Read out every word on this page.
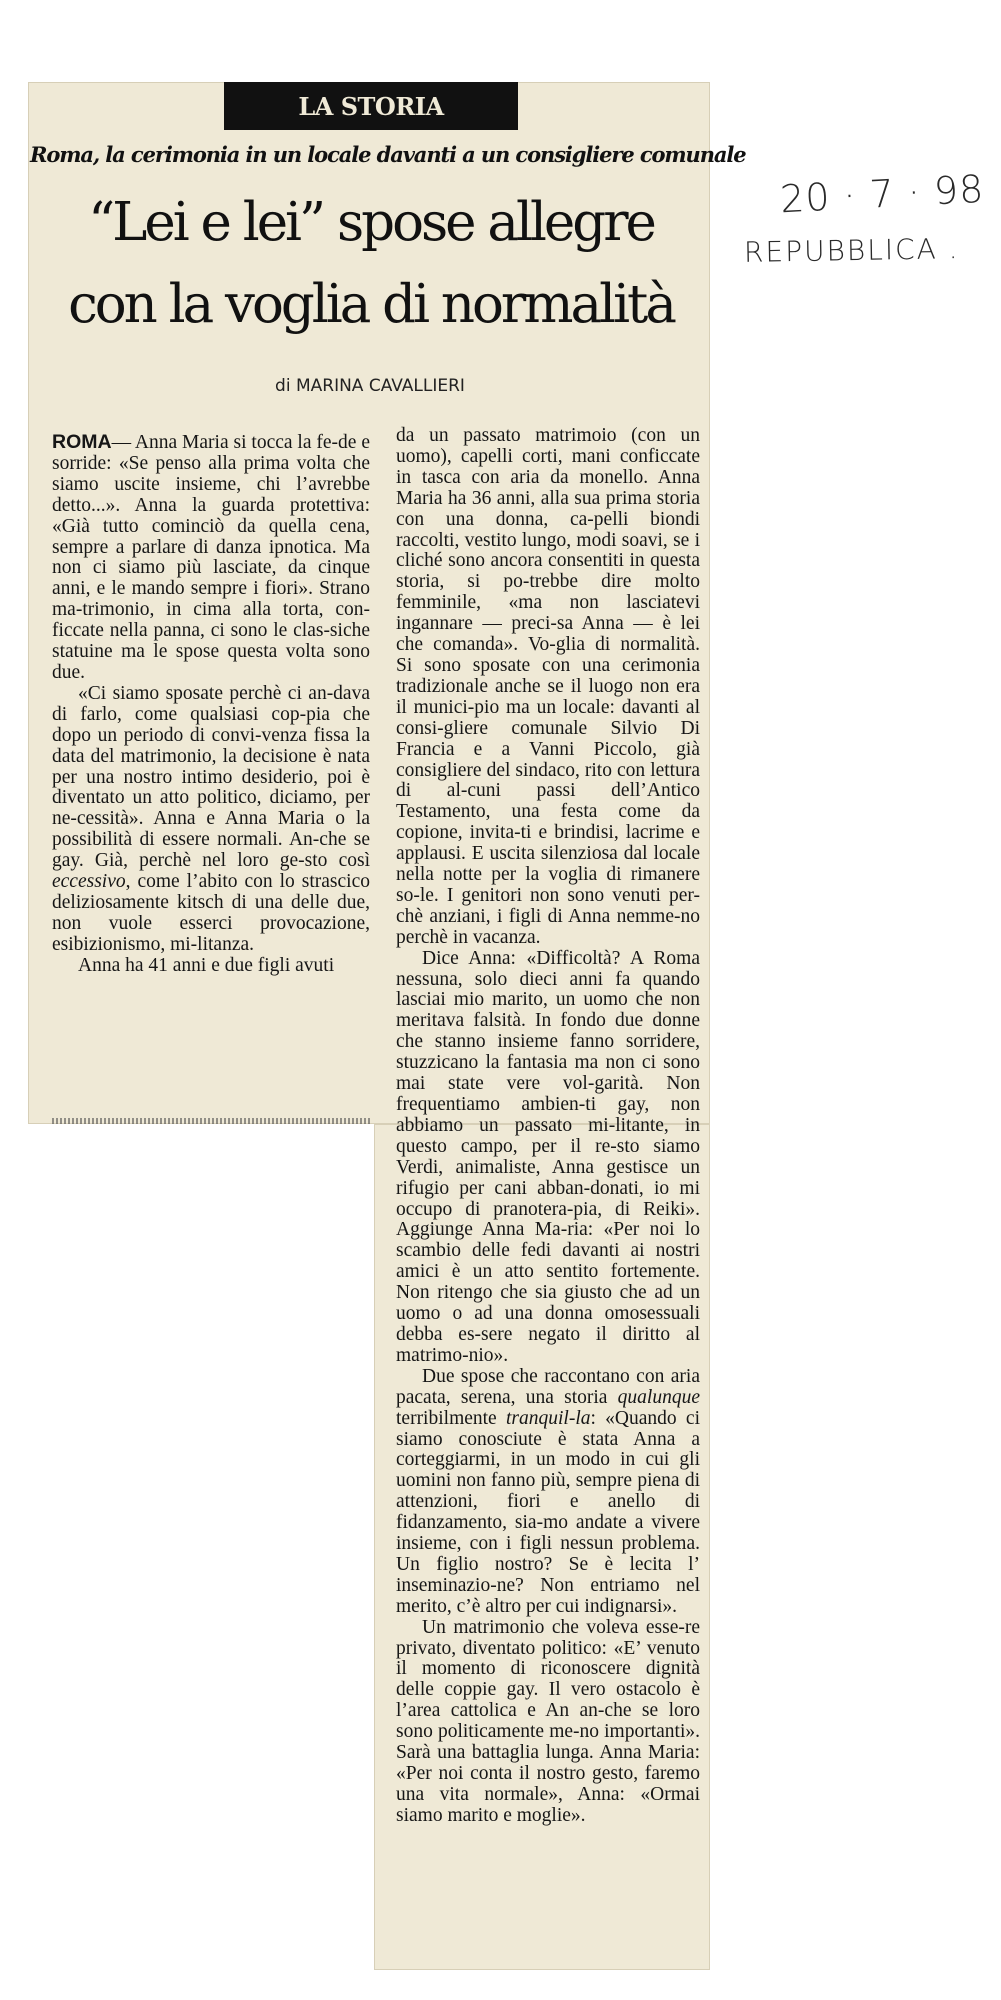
LA STORIA
Roma, la cerimonia in un locale davanti a un consigliere comunale
“Lei e lei” spose allegre
con la voglia di normalità
di MARINA CAVALLIERI

ROMA— Anna Maria si tocca la fe-de e sorride: «Se penso alla prima volta che siamo uscite insieme, chi l’avrebbe detto...». Anna la guarda protettiva: «Già tutto cominciò da quella cena, sempre a parlare di danza ipnotica. Ma non ci siamo più lasciate, da cinque anni, e le mando sempre i fiori». Strano ma-trimonio, in cima alla torta, con-ficcate nella panna, ci sono le clas-siche statuine ma le spose questa volta sono due.

«Ci siamo sposate perchè ci an-dava di farlo, come qualsiasi cop-pia che dopo un periodo di convi-venza fissa la data del matrimonio, la decisione è nata per una nostro intimo desiderio, poi è diventato un atto politico, diciamo, per ne-cessità». Anna e Anna Maria o la possibilità di essere normali. An-che se gay. Già, perchè nel loro ge-sto così eccessivo, come l’abito con lo strascico deliziosamente kitsch di una delle due, non vuole esserci provocazione, esibizionismo, mi-litanza.

Anna ha 41 anni e due figli avuti

da un passato matrimoio (con un uomo), capelli corti, mani conficcate in tasca con aria da monello. Anna Maria ha 36 anni, alla sua prima storia con una donna, ca-pelli biondi raccolti, vestito lungo, modi soavi, se i cliché sono ancora consentiti in questa storia, si po-trebbe dire molto femminile, «ma non lasciatevi ingannare — preci-sa Anna — è lei che comanda». Vo-glia di normalità. Si sono sposate con una cerimonia tradizionale anche se il luogo non era il munici-pio ma un locale: davanti al consi-gliere comunale Silvio Di Francia e a Vanni Piccolo, già consigliere del sindaco, rito con lettura di al-cuni passi dell’Antico Testamento, una festa come da copione, invita-ti e brindisi, lacrime e applausi. E uscita silenziosa dal locale nella notte per la voglia di rimanere so-le. I genitori non sono venuti per-chè anziani, i figli di Anna nemme-no perchè in vacanza.

Dice Anna: «Difficoltà? A Roma nessuna, solo dieci anni fa quando lasciai mio marito, un uomo che non meritava falsità. In fondo due donne che stanno insieme fanno sorridere, stuzzicano la fantasia ma non ci sono mai state vere vol-garità. Non frequentiamo ambien-ti gay, non abbiamo un passato mi-litante, in questo campo, per il re-sto siamo Verdi, animaliste, Anna gestisce un rifugio per cani abban-donati, io mi occupo di pranotera-pia, di Reiki». Aggiunge Anna Ma-ria: «Per noi lo scambio delle fedi davanti ai nostri amici è un atto sentito fortemente. Non ritengo che sia giusto che ad un uomo o ad una donna omosessuali debba es-sere negato il diritto al matrimo-nio».

Due spose che raccontano con aria pacata, serena, una storia qualunque terribilmente tranquil-la: «Quando ci siamo conosciute è stata Anna a corteggiarmi, in un modo in cui gli uomini non fanno più, sempre piena di attenzioni, fiori e anello di fidanzamento, sia-mo andate a vivere insieme, con i figli nessun problema. Un figlio nostro? Se è lecita l’ inseminazio-ne? Non entriamo nel merito, c’è altro per cui indignarsi».

Un matrimonio che voleva esse-re privato, diventato politico: «E’ venuto il momento di riconoscere dignità delle coppie gay. Il vero ostacolo è l’area cattolica e An an-che se loro sono politicamente me-no importanti». Sarà una battaglia lunga. Anna Maria: «Per noi conta il nostro gesto, faremo una vita normale», Anna: «Ormai siamo marito e moglie».

20 · 7 · 98
REPUBBLICA .
